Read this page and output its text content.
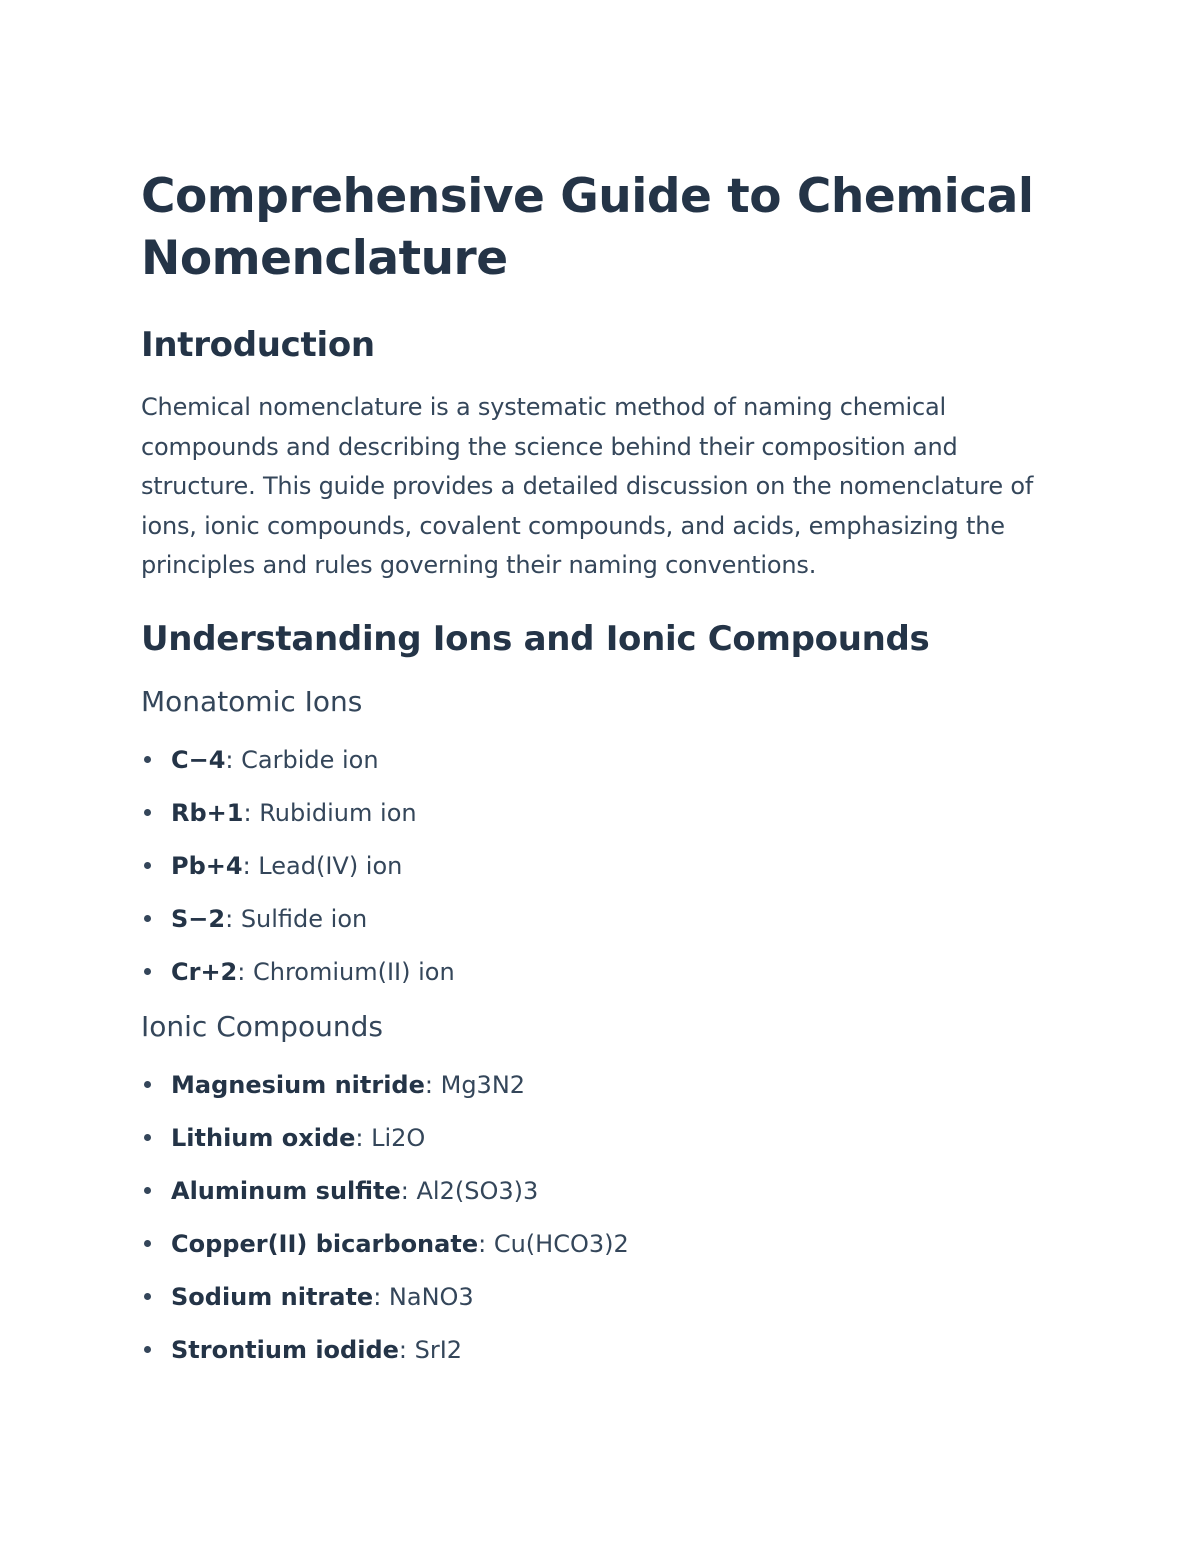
Comprehensive Guide to Chemical Nomenclature
Introduction

Chemical nomenclature is a systematic method of naming chemical compounds and describing the science behind their composition and structure. This guide provides a detailed discussion on the nomenclature of ions, ionic compounds, covalent compounds, and acids, emphasizing the principles and rules governing their naming conventions.

Understanding Ions and Ionic Compounds
Monatomic Ions
C−4: Carbide ion
Rb+1: Rubidium ion
Pb+4: Lead(IV) ion
S−2: Sulfide ion
Cr+2: Chromium(II) ion
Ionic Compounds
Magnesium nitride: Mg3N2
Lithium oxide: Li2O
Aluminum sulfite: Al2(SO3)3
Copper(II) bicarbonate: Cu(HCO3)2
Sodium nitrate: NaNO3
Strontium iodide: SrI2
